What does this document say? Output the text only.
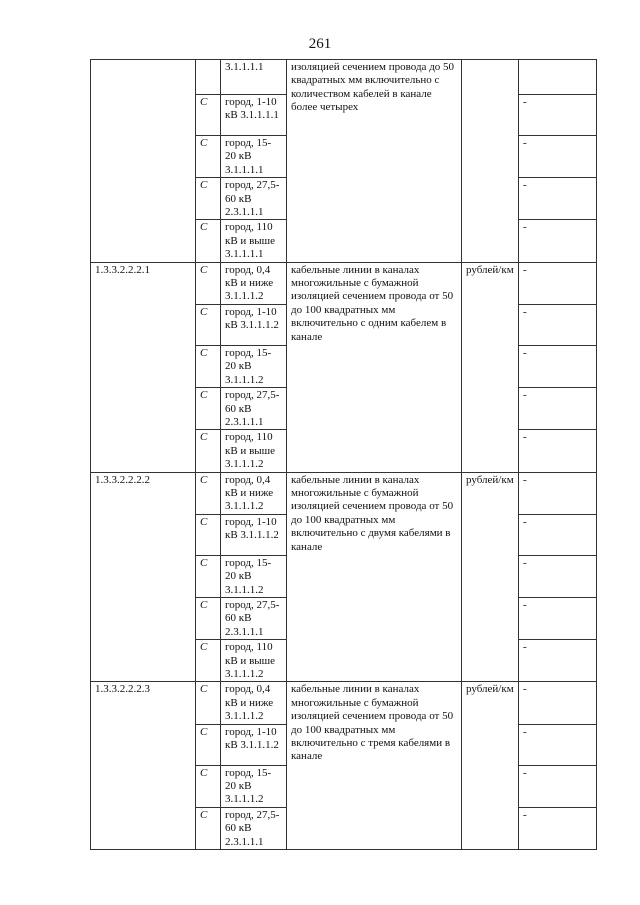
261
		3.1.1.1.1	изоляцией сечением провода до 50 квадратных мм включительно с количеством кабелей в канале более четырех		
	С	город, 1-10 кВ 3.1.1.1.1			-
	С	город, 15-20 кВ 3.1.1.1.1			-
	С	город, 27,5-60 кВ 2.3.1.1.1			-
	С	город, 110 кВ и выше 3.1.1.1.1			-
1.3.3.2.2.2.1	С	город, 0,4 кВ и ниже 3.1.1.1.2	кабельные линии в каналах многожильные с бумажной изоляцией сечением провода от 50 до 100 квадратных мм включительно с одним кабелем в канале	рублей/км	-
	С	город, 1-10 кВ 3.1.1.1.2			-
	С	город, 15-20 кВ 3.1.1.1.2			-
	С	город, 27,5-60 кВ 2.3.1.1.1			-
	С	город, 110 кВ и выше 3.1.1.1.2			-
1.3.3.2.2.2.2	С	город, 0,4 кВ и ниже 3.1.1.1.2	кабельные линии в каналах многожильные с бумажной изоляцией сечением провода от 50 до 100 квадратных мм включительно с двумя кабелями в канале	рублей/км	-
	С	город, 1-10 кВ 3.1.1.1.2			-
	С	город, 15-20 кВ 3.1.1.1.2			-
	С	город, 27,5-60 кВ 2.3.1.1.1			-
	С	город, 110 кВ и выше 3.1.1.1.2			-
1.3.3.2.2.2.3	С	город, 0,4 кВ и ниже 3.1.1.1.2	кабельные линии в каналах многожильные с бумажной изоляцией сечением провода от 50 до 100 квадратных мм включительно с тремя кабелями в канале	рублей/км	-
	С	город, 1-10 кВ 3.1.1.1.2			-
	С	город, 15-20 кВ 3.1.1.1.2			-
	С	город, 27,5-60 кВ 2.3.1.1.1			-
